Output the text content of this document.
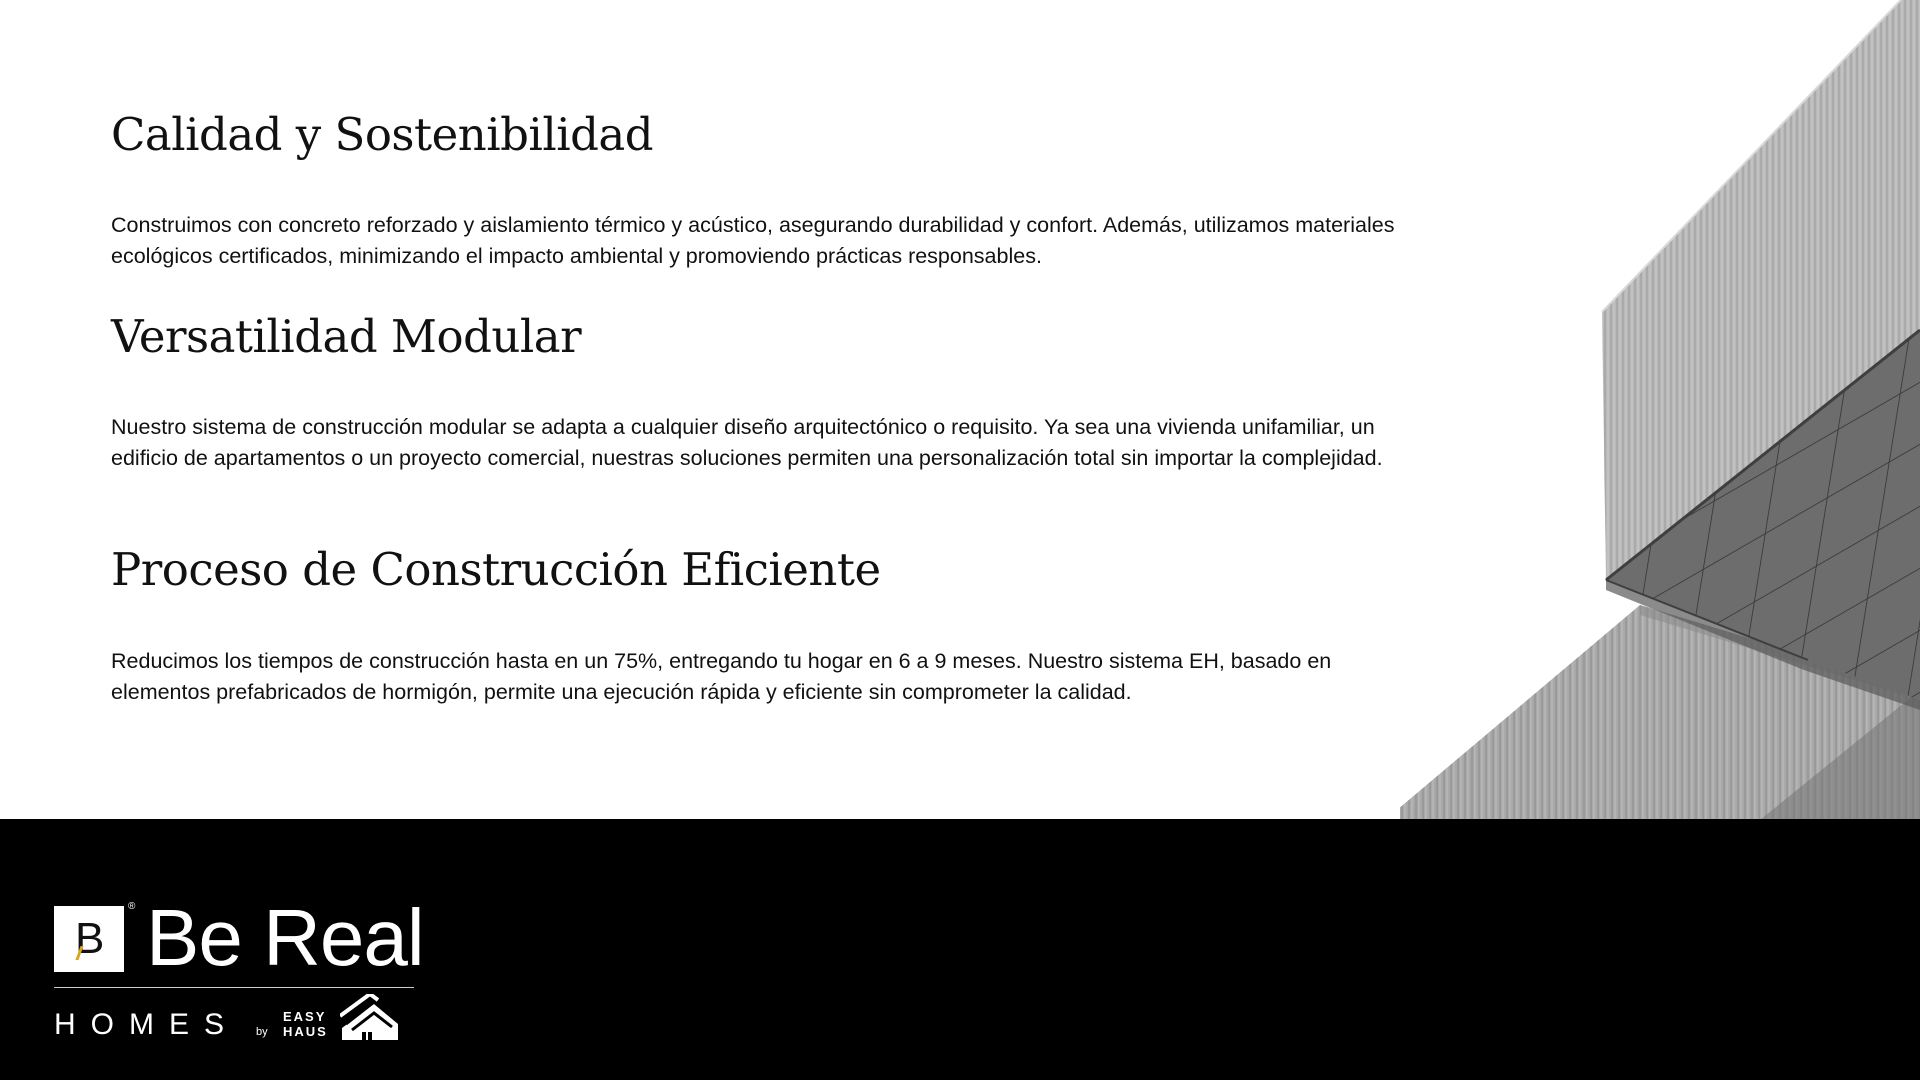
Calidad y Sostenibilidad

Construimos con concreto reforzado y aislamiento térmico y acústico, asegurando durabilidad y confort. Además, utilizamos materiales ecológicos certificados, minimizando el impacto ambiental y promoviendo prácticas responsables.

Versatilidad Modular

Nuestro sistema de construcción modular se adapta a cualquier diseño arquitectónico o requisito. Ya sea una vivienda unifamiliar, un edificio de apartamentos o un proyecto comercial, nuestras soluciones permiten una personalización total sin importar la complejidad.

Proceso de Construcción Eficiente

Reducimos los tiempos de construcción hasta en un 75%, entregando tu hogar en 6 a 9 meses. Nuestro sistema EH, basado en elementos prefabricados de hormigón, permite una ejecución rápida y eficiente sin comprometer la calidad.

B
® Be Real
HOMES by
EASY
HAUS
